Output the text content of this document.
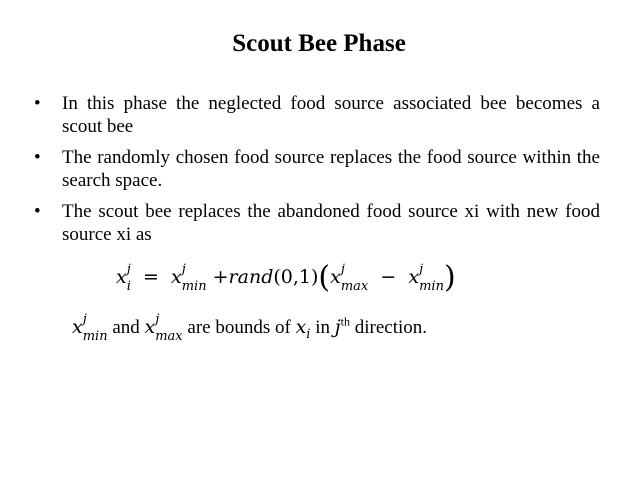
Scout Bee Phase
• In this phase the neglected food source associated bee becomes a scout bee
• The randomly chosen food source replaces the food source within the search space.
• The scout bee replaces the abandoned food source xi with new food source xi as
x j
i = x j
min +rand(0,1)(x j
max − x j
min )
x j
min and x j
max are bounds of $x_i$ in $j^{th}$ direction.
